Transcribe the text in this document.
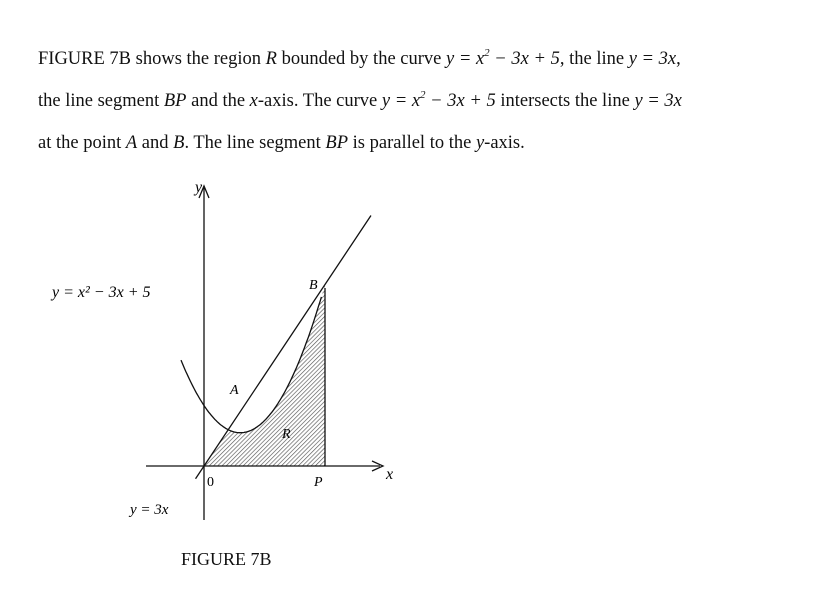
FIGURE 7B shows the region R bounded by the curve $y = x^2 - 3x + 5$, the line y = 3x,

the line segment BP and the x-axis. The curve $y = x^2 - 3x + 5$ intersects the line y = 3x

at the point A and B. The line segment BP is parallel to the y-axis.

y
x
0
A
B
P
R
y = x² − 3x + 5
y = 3x
FIGURE 7B
